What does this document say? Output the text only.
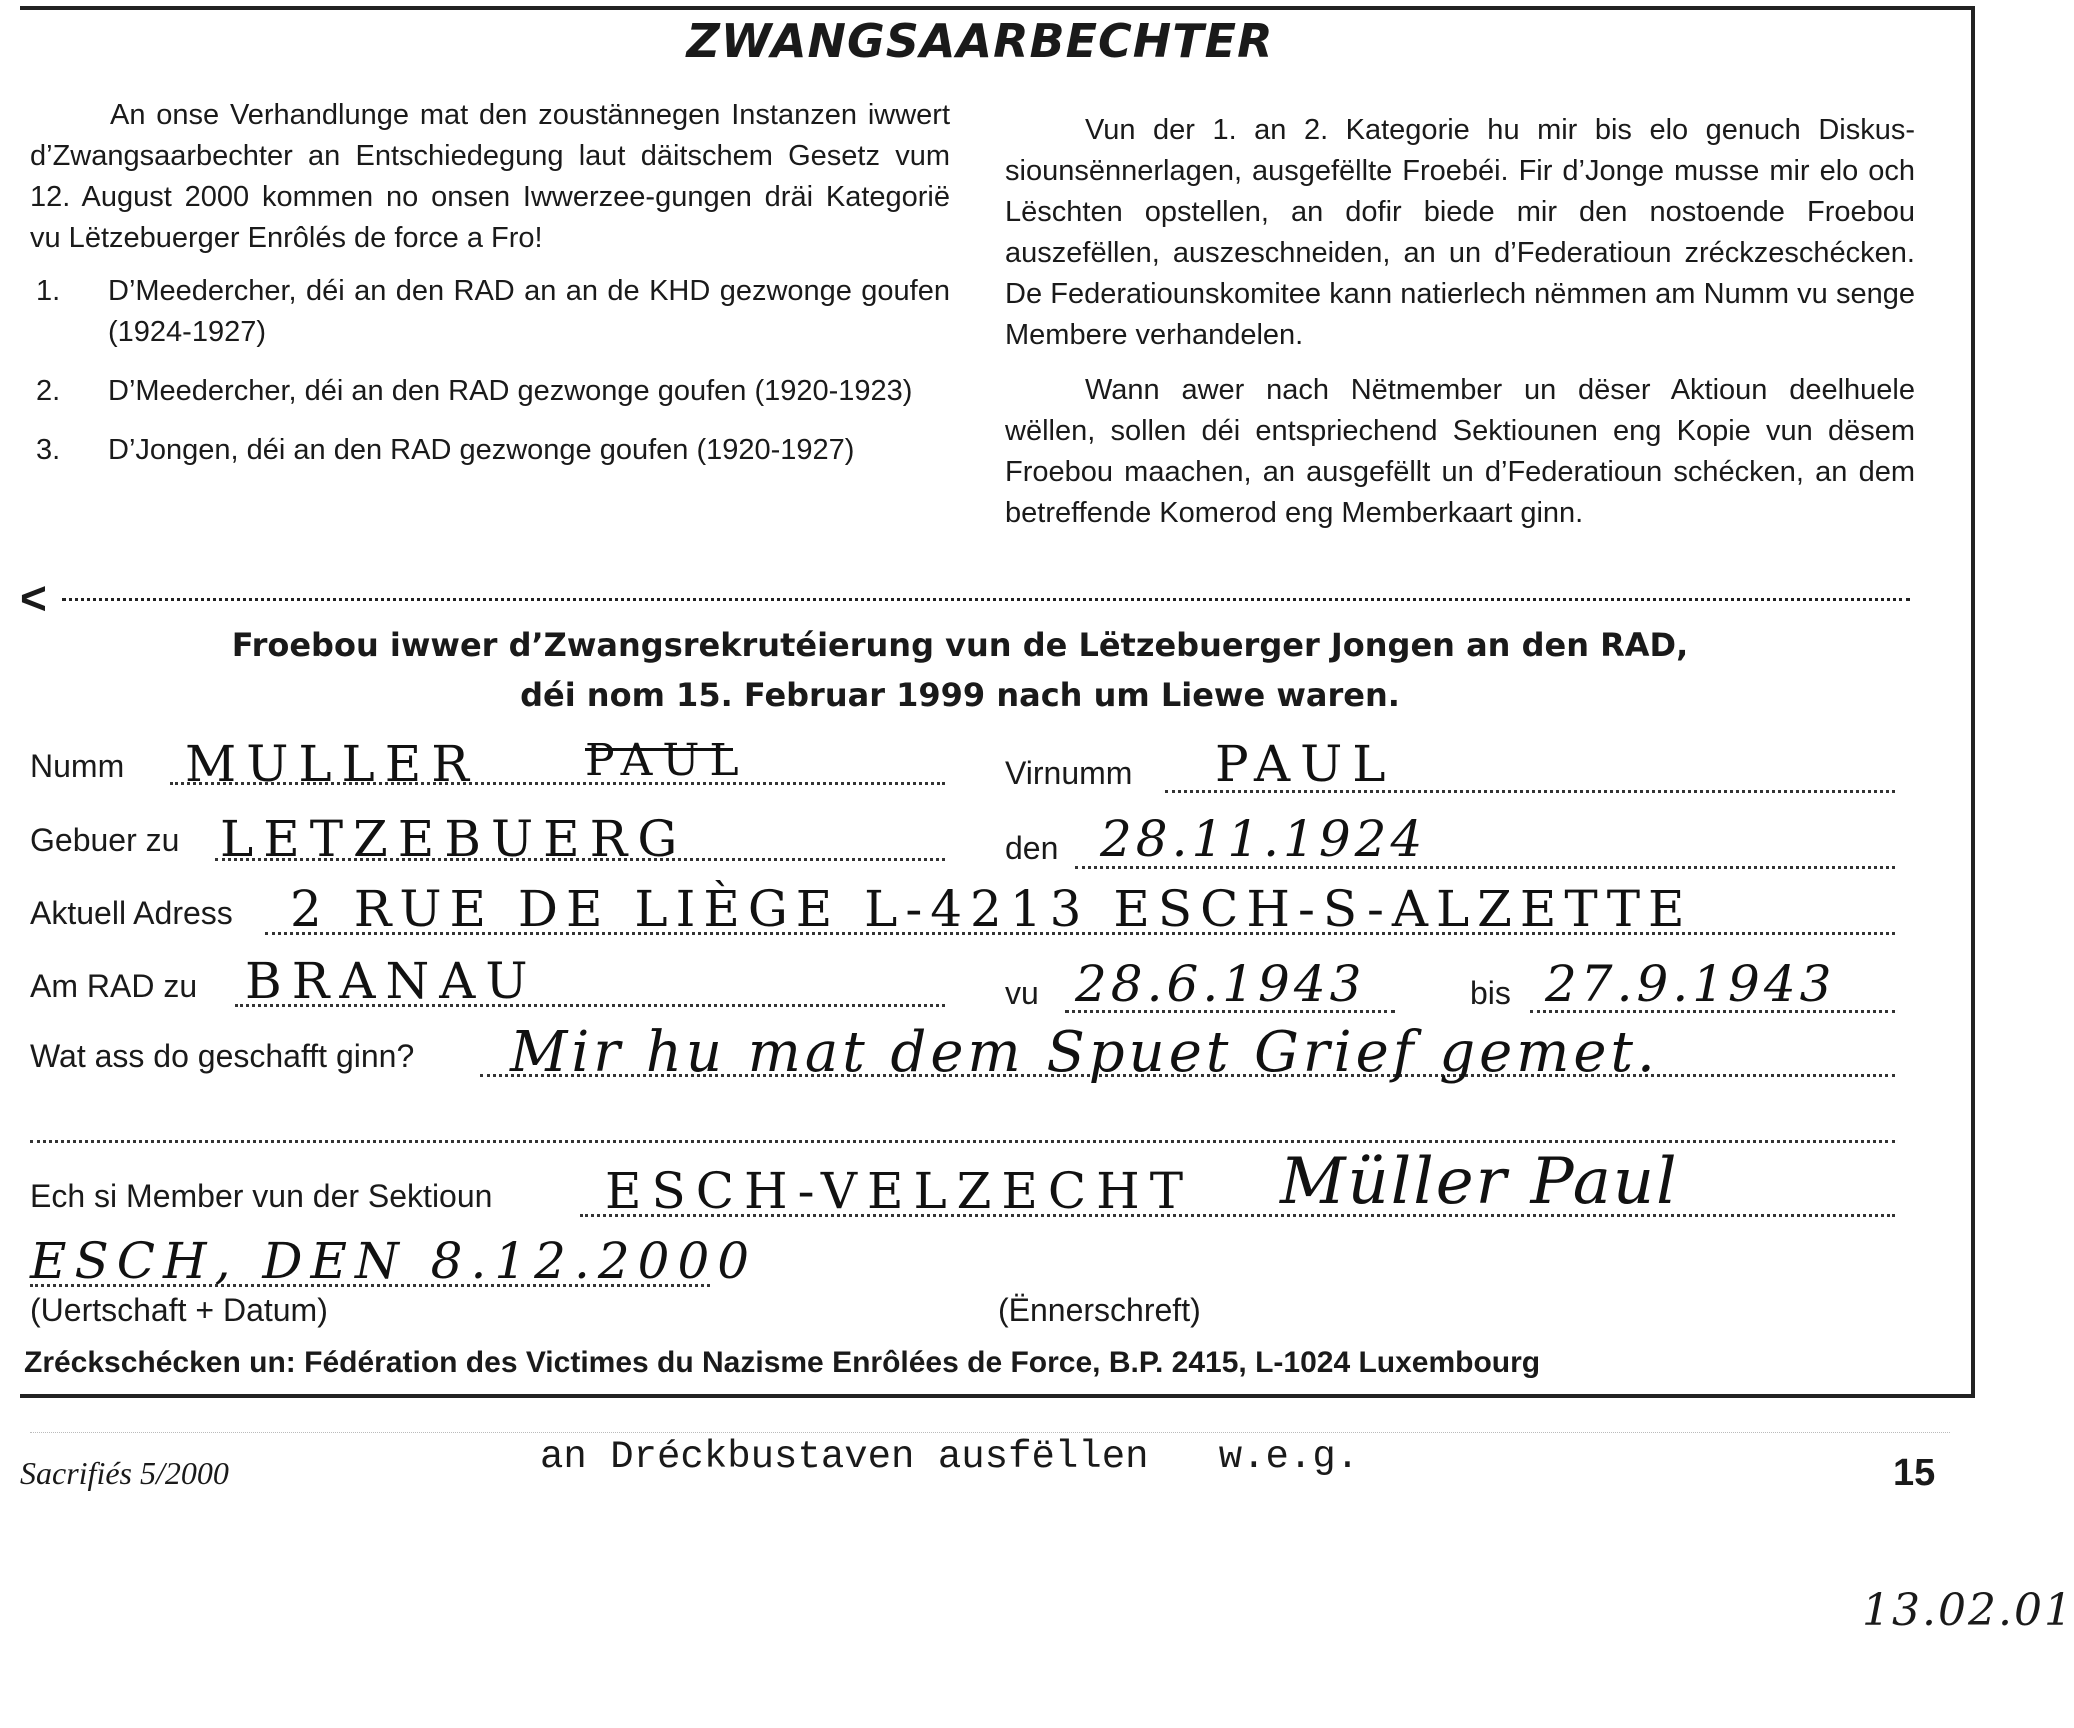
ZWANGSAARBECHTER

An onse Verhandlunge mat den zoustännegen Instanzen iwwert d’Zwangsaarbechter an Entschiedegung laut däitschem Gesetz vum 12. August 2000 kommen no onsen Iwwerzee-gungen dräi Kategorië vu Lëtzebuerger Enrôlés de force a Fro!

1. D’Meedercher, déi an den RAD an an de KHD gezwonge goufen (1924-1927)
2. D’Meedercher, déi an den RAD gezwonge goufen (1920-1923)
3. D’Jongen, déi an den RAD gezwonge goufen (1920-1927)

Vun der 1. an 2. Kategorie hu mir bis elo genuch Diskus-siounsënnerlagen, ausgefëllte Froebéi. Fir d’Jonge musse mir elo och Lëschten opstellen, an dofir biede mir den nostoende Froebou auszefëllen, auszeschneiden, an un d’Federatioun zréckzeschécken. De Federatiounskomitee kann natierlech nëmmen am Numm vu senge Membere verhandelen.

Wann awer nach Nëtmember un dëser Aktioun deelhuele wëllen, sollen déi entspriechend Sektiounen eng Kopie vun dësem Froebou maachen, an ausgefëllt un d’Federatioun schécken, an dem betreffende Komerod eng Memberkaart ginn.

<
Froebou iwwer d’Zwangsrekrutéierung vun de Lëtzebuerger Jongen an den RAD,
déi nom 15. Februar 1999 nach um Liewe waren.
Numm MULLER PAUL	Virnumm PAUL
Gebuer zu LETZEBUERG	den 28.11.1924
Aktuell Adress 2 RUE DE LIÈGE L-4213 ESCH-S-ALZETTE
Am RAD zu BRANAU	vu 28.6.1943	bis 27.9.1943
Wat ass do geschafft ginn? Mir hu mat dem Spuet Grief gemet.
Ech si Member vun der Sektioun ESCH-VELZECHT Müller Paul
ESCH, DEN 8.12.2000
(Uertschaft + Datum)	(Ënnerschreft)
Zréckschécken un: Fédération des Victimes du Nazisme Enrôlées de Force, B.P. 2415, L-1024 Luxembourg
Sacrifiés 5/2000	an Dréckbustaven ausfëllen   w.e.g.	15
13.02.01
